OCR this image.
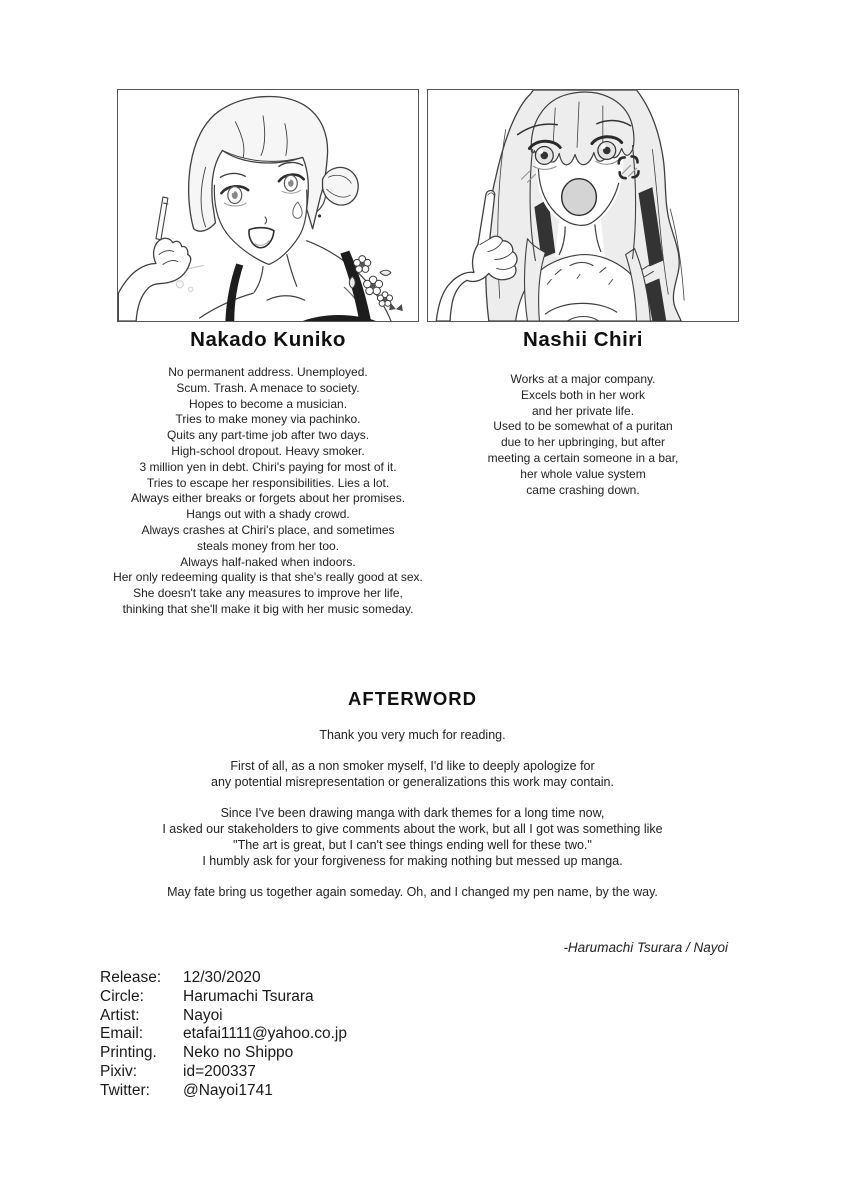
Nakado Kuniko	Nashii Chiri
No permanent address. Unemployed.
Scum. Trash. A menace to society.
Hopes to become a musician.
Tries to make money via pachinko.
Quits any part-time job after two days.
High-school dropout. Heavy smoker.
3 million yen in debt. Chiri's paying for most of it.
Tries to escape her responsibilities. Lies a lot.
Always either breaks or forgets about her promises.
Hangs out with a shady crowd.
Always crashes at Chiri's place, and sometimes
steals money from her too.
Always half-naked when indoors.
Her only redeeming quality is that she's really good at sex.
She doesn't take any measures to improve her life,
thinking that she'll make it big with her music someday.
Works at a major company.
Excels both in her work
and her private life.
Used to be somewhat of a puritan
due to her upbringing, but after
meeting a certain someone in a bar,
her whole value system
came crashing down.
AFTERWORD

Thank you very much for reading.

First of all, as a non smoker myself, I'd like to deeply apologize for
any potential misrepresentation or generalizations this work may contain.

Since I've been drawing manga with dark themes for a long time now,
I asked our stakeholders to give comments about the work, but all I got was something like
"The art is great, but I can't see things ending well for these two."
I humbly ask for your forgiveness for making nothing but messed up manga.

May fate bring us together again someday. Oh, and I changed my pen name, by the way.

-Harumachi Tsurara / Nayoi
Release: 12/30/2020
Circle:	Harumachi Tsurara
Artist:	Nayoi
Email:	etafai1111@yahoo.co.jp
Printing. Neko no Shippo
Pixiv:	id=200337
Twitter: @Nayoi1741
